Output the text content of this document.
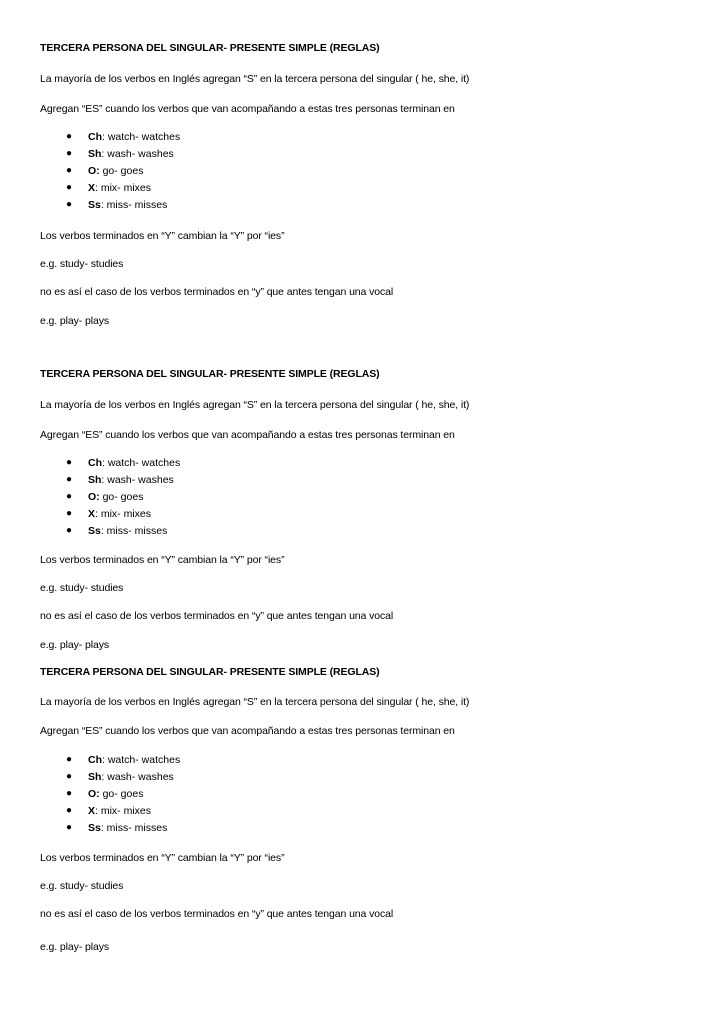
TERCERA PERSONA DEL SINGULAR- PRESENTE SIMPLE (REGLAS)
La mayoría de los verbos en Inglés agregan “S” en la tercera persona del singular ( he, she, it)
Agregan “ES” cuando los verbos que van acompañando a estas tres personas terminan en
● Ch: watch- watches
● Sh: wash- washes
● O: go- goes
● X: mix- mixes
● Ss: miss- misses
Los verbos terminados en “Y” cambian la “Y” por “ies”
e.g. study- studies
no es así el caso de los verbos terminados en “y” que antes tengan una vocal
e.g. play- plays
TERCERA PERSONA DEL SINGULAR- PRESENTE SIMPLE (REGLAS)
La mayoría de los verbos en Inglés agregan “S” en la tercera persona del singular ( he, she, it)
Agregan “ES” cuando los verbos que van acompañando a estas tres personas terminan en
● Ch: watch- watches
● Sh: wash- washes
● O: go- goes
● X: mix- mixes
● Ss: miss- misses
Los verbos terminados en “Y” cambian la “Y” por “ies”
e.g. study- studies
no es así el caso de los verbos terminados en “y” que antes tengan una vocal
e.g. play- plays
TERCERA PERSONA DEL SINGULAR- PRESENTE SIMPLE (REGLAS)
La mayoría de los verbos en Inglés agregan “S” en la tercera persona del singular ( he, she, it)
Agregan “ES” cuando los verbos que van acompañando a estas tres personas terminan en
● Ch: watch- watches
● Sh: wash- washes
● O: go- goes
● X: mix- mixes
● Ss: miss- misses
Los verbos terminados en “Y” cambian la “Y” por “ies”
e.g. study- studies
no es así el caso de los verbos terminados en “y” que antes tengan una vocal
e.g. play- plays
